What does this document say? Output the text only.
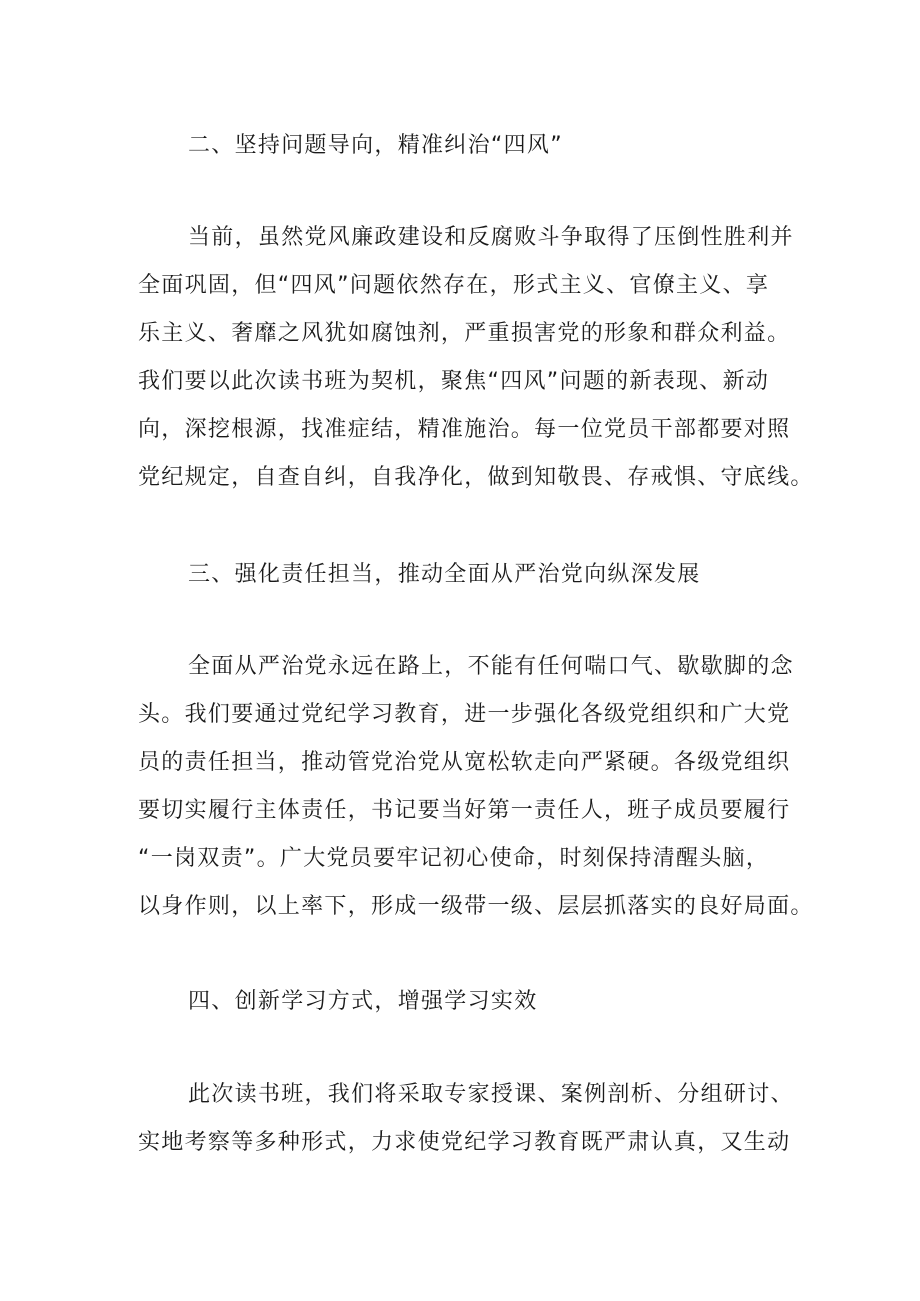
二、坚持问题导向，精准纠治“四风”
当前，虽然党风廉政建设和反腐败斗争取得了压倒性胜利并
全面巩固，但“四风”问题依然存在，形式主义、官僚主义、享
乐主义、奢靡之风犹如腐蚀剂，严重损害党的形象和群众利益。
我们要以此次读书班为契机，聚焦“四风”问题的新表现、新动
向，深挖根源，找准症结，精准施治。每一位党员干部都要对照
党纪规定，自查自纠，自我净化，做到知敬畏、存戒惧、守底线。
三、强化责任担当，推动全面从严治党向纵深发展
全面从严治党永远在路上，不能有任何喘口气、歇歇脚的念
头。我们要通过党纪学习教育，进一步强化各级党组织和广大党
员的责任担当，推动管党治党从宽松软走向严紧硬。各级党组织
要切实履行主体责任，书记要当好第一责任人，班子成员要履行
“一岗双责”。广大党员要牢记初心使命，时刻保持清醒头脑，
以身作则，以上率下，形成一级带一级、层层抓落实的良好局面。
四、创新学习方式，增强学习实效
此次读书班，我们将采取专家授课、案例剖析、分组研讨、
实地考察等多种形式，力求使党纪学习教育既严肃认真，又生动
